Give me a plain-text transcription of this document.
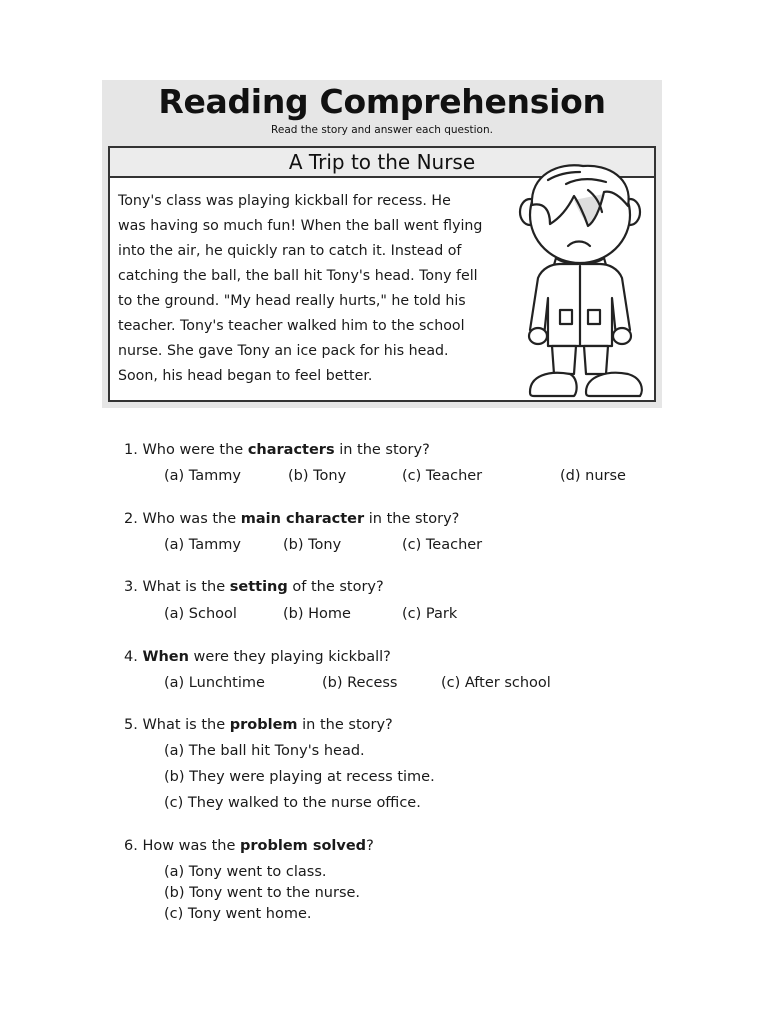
Reading Comprehension
Read the story and answer each question.
A Trip to the Nurse
Tony's class was playing kickball for recess. He
was having so much fun! When the ball went flying
into the air, he quickly ran to catch it. Instead of
catching the ball, the ball hit Tony's head. Tony fell
to the ground. "My head really hurts," he told his
teacher. Tony's teacher walked him to the school
nurse. She gave Tony an ice pack for his head.
Soon, his head began to feel better.
1. Who were the characters in the story?
(a) Tammy	(b) Tony	(c) Teacher	(d) nurse
2. Who was the main character in the story?
(a) Tammy	(b) Tony	(c) Teacher
3. What is the setting of the story?
(a) School	(b) Home	(c) Park
4. When were they playing kickball?
(a) Lunchtime	(b) Recess	(c) After school
5. What is the problem in the story?
(a) The ball hit Tony's head.
(b) They were playing at recess time.
(c) They walked to the nurse office.
6. How was the problem solved?
(a) Tony went to class.
(b) Tony went to the nurse.
(c) Tony went home.
